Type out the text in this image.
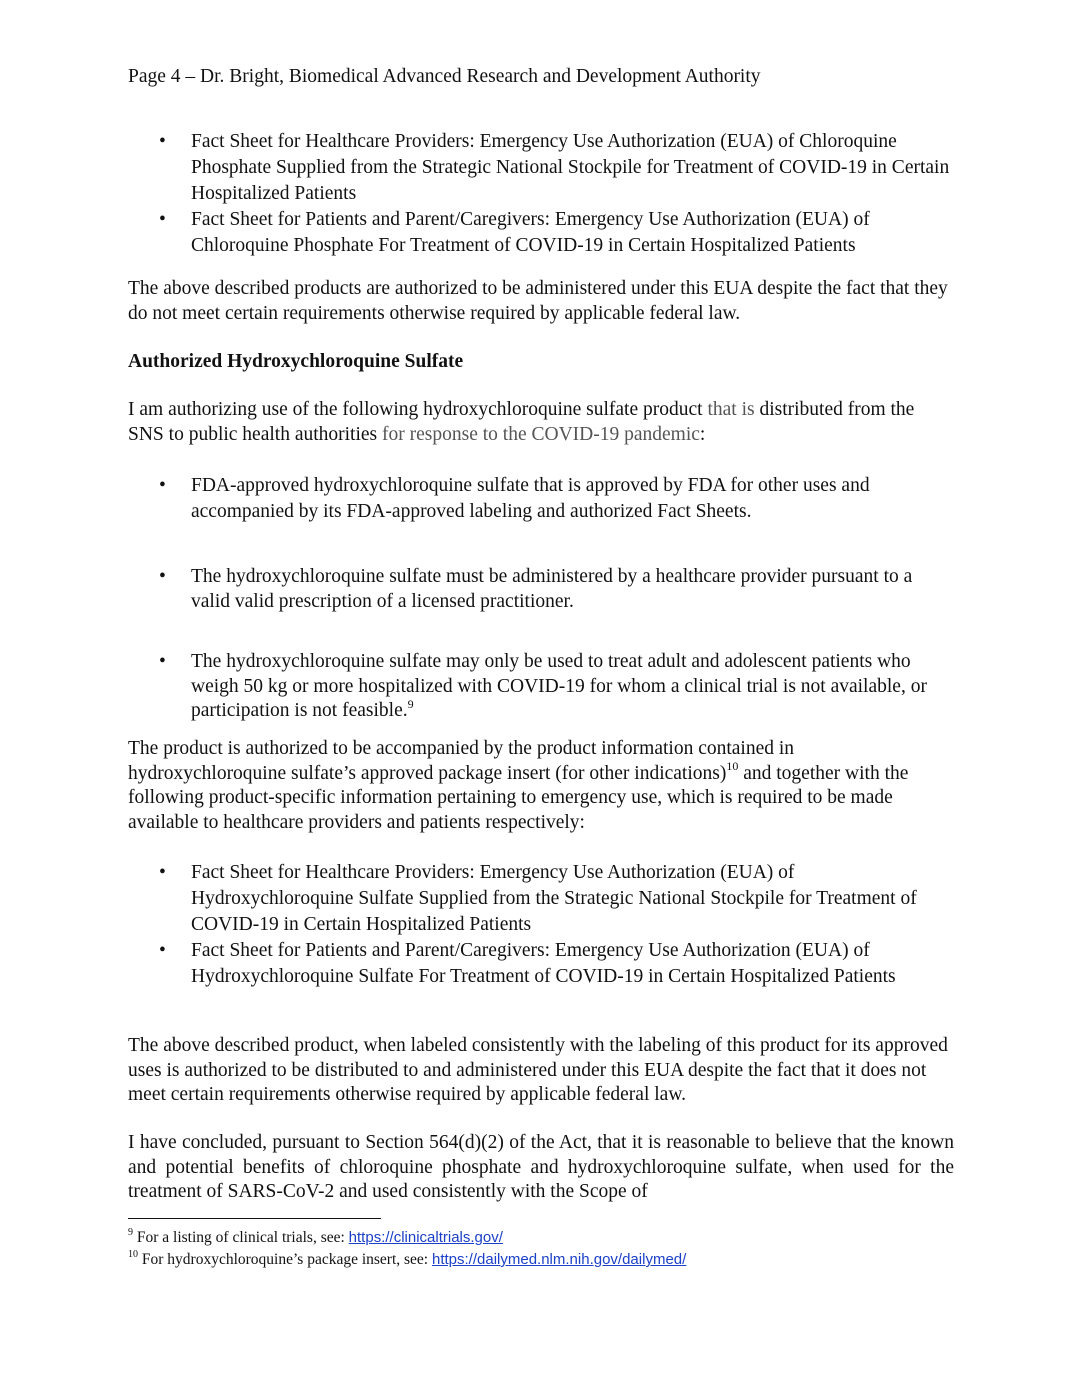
Page 4 – Dr. Bright, Biomedical Advanced Research and Development Authority
• Fact Sheet for Healthcare Providers: Emergency Use Authorization (EUA) of Chloroquine Phosphate Supplied from the Strategic National Stockpile for Treatment of COVID-19 in Certain Hospitalized Patients
• Fact Sheet for Patients and Parent/Caregivers: Emergency Use Authorization (EUA) of Chloroquine Phosphate For Treatment of COVID-19 in Certain Hospitalized Patients

The above described products are authorized to be administered under this EUA despite the fact that they do not meet certain requirements otherwise required by applicable federal law.

Authorized Hydroxychloroquine Sulfate

I am authorizing use of the following hydroxychloroquine sulfate product that is distributed from the SNS to public health authorities for response to the COVID-19 pandemic:

• FDA-approved hydroxychloroquine sulfate that is approved by FDA for other uses and accompanied by its FDA-approved labeling and authorized Fact Sheets.
• The hydroxychloroquine sulfate must be administered by a healthcare provider pursuant to a valid valid prescription of a licensed practitioner.
• The hydroxychloroquine sulfate may only be used to treat adult and adolescent patients who weigh 50 kg or more hospitalized with COVID-19 for whom a clinical trial is not available, or participation is not feasible.$^9$

The product is authorized to be accompanied by the product information contained in hydroxychloroquine sulfate’s approved package insert (for other indications)$^{10}$ and together with the following product-specific information pertaining to emergency use, which is required to be made available to healthcare providers and patients respectively:

• Fact Sheet for Healthcare Providers: Emergency Use Authorization (EUA) of Hydroxychloroquine Sulfate Supplied from the Strategic National Stockpile for Treatment of COVID-19 in Certain Hospitalized Patients
• Fact Sheet for Patients and Parent/Caregivers: Emergency Use Authorization (EUA) of Hydroxychloroquine Sulfate For Treatment of COVID-19 in Certain Hospitalized Patients

The above described product, when labeled consistently with the labeling of this product for its approved uses is authorized to be distributed to and administered under this EUA despite the fact that it does not meet certain requirements otherwise required by applicable federal law.

I have concluded, pursuant to Section 564(d)(2) of the Act, that it is reasonable to believe that the known and potential benefits of chloroquine phosphate and hydroxychloroquine sulfate, when used for the treatment of SARS-CoV-2 and used consistently with the Scope of

$^9$ For a listing of clinical trials, see: https://clinicaltrials.gov/
$^{10}$ For hydroxychloroquine’s package insert, see: https://dailymed.nlm.nih.gov/dailymed/
